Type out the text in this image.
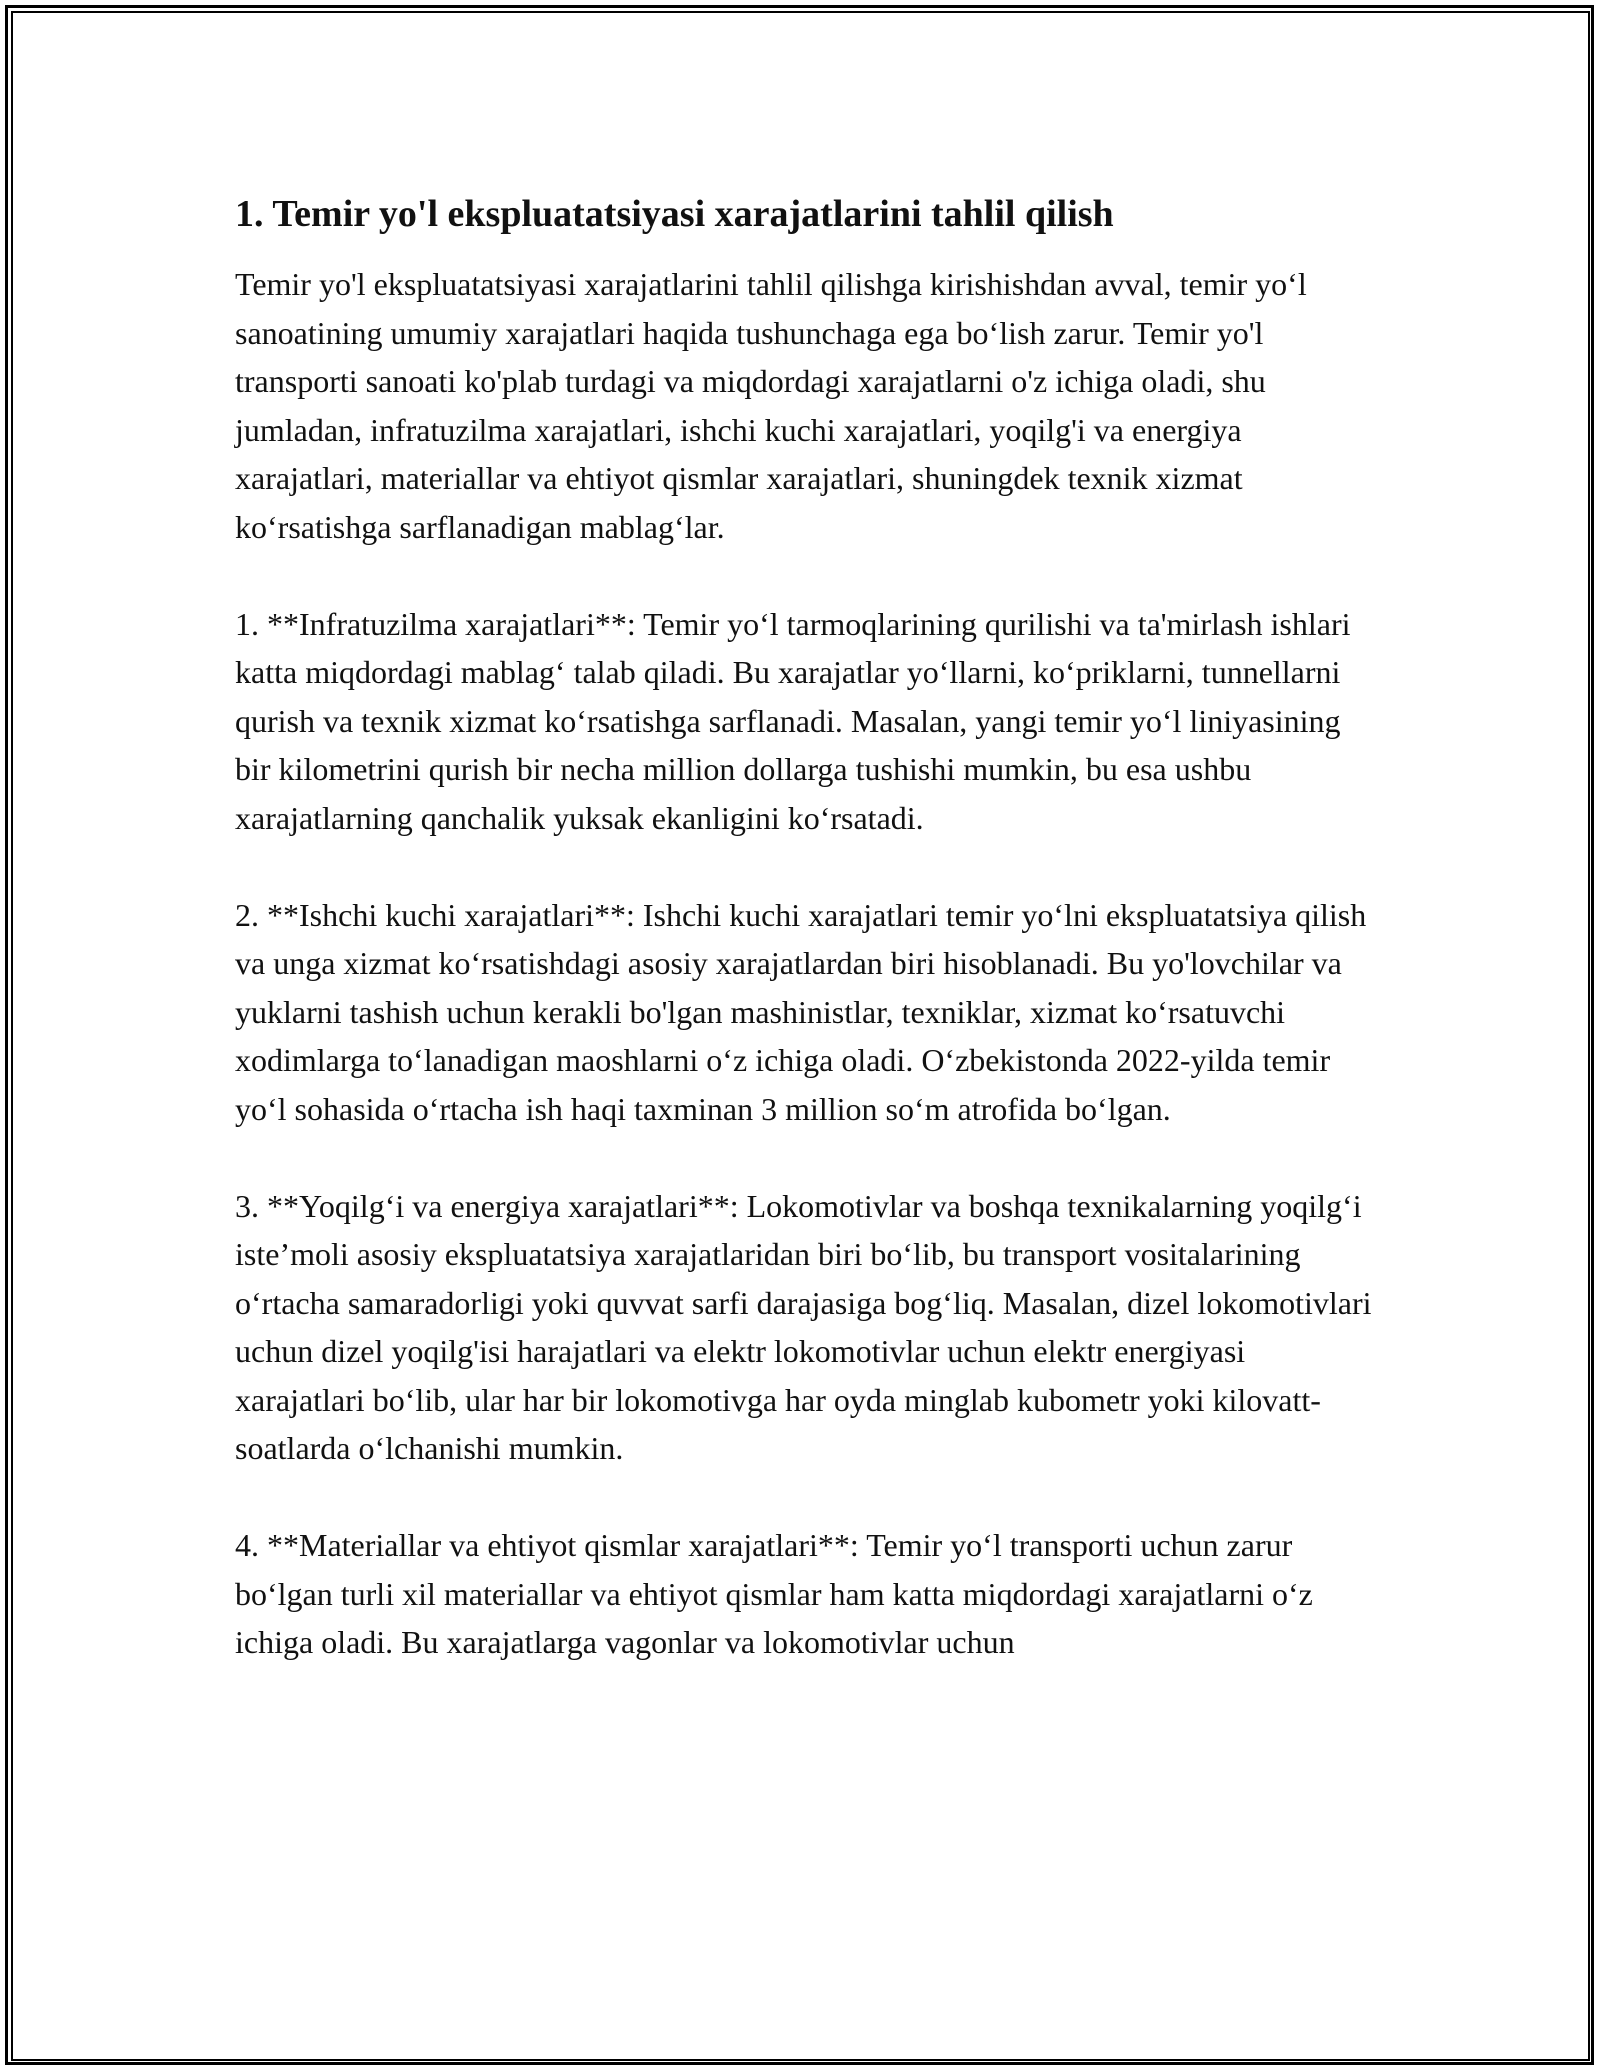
1. Temir yo'l ekspluatatsiyasi xarajatlarini tahlil qilish

Temir yo'l ekspluatatsiyasi xarajatlarini tahlil qilishga kirishishdan avval, temir yoʻl sanoatining umumiy xarajatlari haqida tushunchaga ega boʻlish zarur. Temir yo'l transporti sanoati ko'plab turdagi va miqdordagi xarajatlarni o'z ichiga oladi, shu jumladan, infratuzilma xarajatlari, ishchi kuchi xarajatlari, yoqilg'i va energiya xarajatlari, materiallar va ehtiyot qismlar xarajatlari, shuningdek texnik xizmat koʻrsatishga sarflanadigan mablagʻlar.

1. **Infratuzilma xarajatlari**: Temir yoʻl tarmoqlarining qurilishi va ta'mirlash ishlari katta miqdordagi mablagʻ talab qiladi. Bu xarajatlar yoʻllarni, koʻpriklarni, tunnellarni qurish va texnik xizmat koʻrsatishga sarflanadi. Masalan, yangi temir yoʻl liniyasining bir kilometrini qurish bir necha million dollarga tushishi mumkin, bu esa ushbu xarajatlarning qanchalik yuksak ekanligini koʻrsatadi.

2. **Ishchi kuchi xarajatlari**: Ishchi kuchi xarajatlari temir yoʻlni ekspluatatsiya qilish va unga xizmat koʻrsatishdagi asosiy xarajatlardan biri hisoblanadi. Bu yo'lovchilar va yuklarni tashish uchun kerakli bo'lgan mashinistlar, texniklar, xizmat koʻrsatuvchi xodimlarga toʻlanadigan maoshlarni oʻz ichiga oladi. Oʻzbekistonda 2022-yilda temir yoʻl sohasida oʻrtacha ish haqi taxminan 3 million soʻm atrofida boʻlgan.

3. **Yoqilgʻi va energiya xarajatlari**: Lokomotivlar va boshqa texnikalarning yoqilgʻi iste’moli asosiy ekspluatatsiya xarajatlaridan biri boʻlib, bu transport vositalarining oʻrtacha samaradorligi yoki quvvat sarfi darajasiga bogʻliq. Masalan, dizel lokomotivlari uchun dizel yoqilg'isi harajatlari va elektr lokomotivlar uchun elektr energiyasi xarajatlari boʻlib, ular har bir lokomotivga har oyda minglab kubometr yoki kilovatt-soatlarda oʻlchanishi mumkin.

4. **Materiallar va ehtiyot qismlar xarajatlari**: Temir yoʻl transporti uchun zarur boʻlgan turli xil materiallar va ehtiyot qismlar ham katta miqdordagi xarajatlarni oʻz ichiga oladi. Bu xarajatlarga vagonlar va lokomotivlar uchun
